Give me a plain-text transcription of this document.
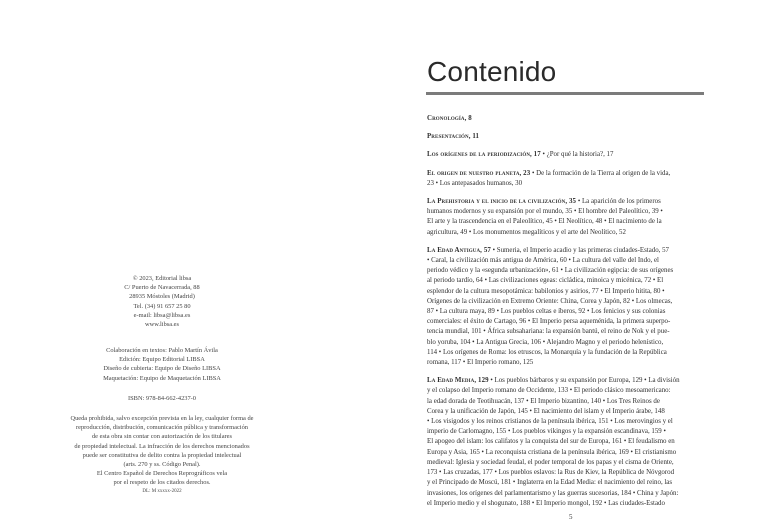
© 2023, Editorial libsa
C/ Puerto de Navacerrada, 88
28935 Móstoles (Madrid)
Tel. (34) 91 657 25 80
e-mail: libsa@libsa.es
www.libsa.es
Colaboración en textos: Pablo Martín Ávila
Edición: Equipo Editorial LIBSA
Diseño de cubierta: Equipo de Diseño LIBSA
Maquetación: Equipo de Maquetación LIBSA
ISBN: 978-84-662-4237-0
Queda prohibida, salvo excepción prevista en la ley, cualquier forma de
reproducción, distribución, comunicación pública y transformación
de esta obra sin contar con autorización de los titulares
de propiedad intelectual. La infracción de los derechos mencionados
puede ser constitutiva de delito contra la propiedad intelectual
(arts. 270 y ss. Código Penal).
El Centro Español de Derechos Reprográficos vela
por el respeto de los citados derechos.
DL: M xxxxx-2022
Contenido
Cronología, 8
Presentación, 11
Los orígenes de la periodización, 17 • ¿Por qué la historia?, 17
El origen de nuestro planeta, 23 • De la formación de la Tierra al origen de la vida,
23 • Los antepasados humanos, 30
La Prehistoria y el inicio de la civilización, 35 • La aparición de los primeros
humanos modernos y su expansión por el mundo, 35 • El hombre del Paleolítico, 39 •
El arte y la trascendencia en el Paleolítico, 45 • El Neolítico, 48 • El nacimiento de la
agricultura, 49 • Los monumentos megalíticos y el arte del Neolítico, 52
La Edad Antigua, 57 • Sumeria, el Imperio acadio y las primeras ciudades-Estado, 57
• Caral, la civilización más antigua de América, 60 • La cultura del valle del Indo, el
periodo védico y la «segunda urbanización», 61 • La civilización egipcia: de sus orígenes
al periodo tardío, 64 • Las civilizaciones egeas: cicládica, minoica y micénica, 72 • El
esplendor de la cultura mesopotámica: babilonios y asirios, 77 • El Imperio hitita, 80 •
Orígenes de la civilización en Extremo Oriente: China, Corea y Japón, 82 • Los olmecas,
87 • La cultura maya, 89 • Los pueblos celtas e íberos, 92 • Los fenicios y sus colonias
comerciales: el éxito de Cartago, 96 • El Imperio persa aqueménida, la primera superpo-
tencia mundial, 101 • África subsahariana: la expansión bantú, el reino de Nok y el pue-
blo yoruba, 104 • La Antigua Grecia, 106 • Alejandro Magno y el periodo helenístico,
114 • Los orígenes de Roma: los etruscos, la Monarquía y la fundación de la República
romana, 117 • El Imperio romano, 125
La Edad Media, 129 • Los pueblos bárbaros y su expansión por Europa, 129 • La división
y el colapso del Imperio romano de Occidente, 133 • El periodo clásico mesoamericano:
la edad dorada de Teotihuacán, 137 • El Imperio bizantino, 140 • Los Tres Reinos de
Corea y la unificación de Japón, 145 • El nacimiento del islam y el Imperio árabe, 148
• Los visigodos y los reinos cristianos de la península ibérica, 151 • Los merovingios y el
imperio de Carlomagno, 155 • Los pueblos vikingos y la expansión escandinava, 159 •
El apogeo del islam: los califatos y la conquista del sur de Europa, 161 • El feudalismo en
Europa y Asia, 165 • La reconquista cristiana de la península ibérica, 169 • El cristianismo
medieval: Iglesia y sociedad feudal, el poder temporal de los papas y el cisma de Oriente,
173 • Las cruzadas, 177 • Los pueblos eslavos: la Rus de Kiev, la República de Nóvgorod
y el Principado de Moscú, 181 • Inglaterra en la Edad Media: el nacimiento del reino, las
invasiones, los orígenes del parlamentarismo y las guerras sucesorias, 184 • China y Japón:
el Imperio medio y el shogunato, 188 • El Imperio mongol, 192 • Las ciudades-Estado
5
